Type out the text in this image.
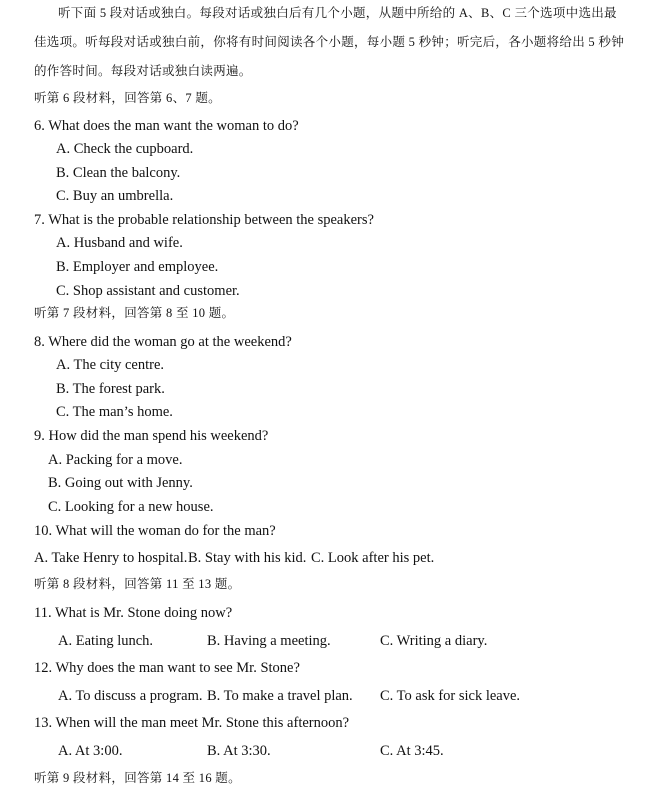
听下面 5 段对话或独白。每段对话或独白后有几个小题，从题中所给的 A、B、C 三个选项中选出最
佳选项。听每段对话或独白前，你将有时间阅读各个小题，每小题 5 秒钟；听完后，各小题将给出 5 秒钟
的作答时间。每段对话或独白读两遍。
听第 6 段材料，回答第 6、7 题。
6. What does the man want the woman to do?
A. Check the cupboard.
B. Clean the balcony.
C. Buy an umbrella.
7. What is the probable relationship between the speakers?
A. Husband and wife.
B. Employer and employee.
C. Shop assistant and customer.
听第 7 段材料，回答第 8 至 10 题。
8. Where did the woman go at the weekend?
A. The city centre.
B. The forest park.
C. The man’s home.
9. How did the man spend his weekend?
A. Packing for a move.
B. Going out with Jenny.
C. Looking for a new house.
10. What will the woman do for the man?
A. Take Henry to hospital. B. Stay with his kid. C. Look after his pet.
听第 8 段材料，回答第 11 至 13 题。
11. What is Mr. Stone doing now?
A. Eating lunch.	B. Having a meeting.	C. Writing a diary.
12. Why does the man want to see Mr. Stone?
A. To discuss a program. B. To make a travel plan. C. To ask for sick leave.
13. When will the man meet Mr. Stone this afternoon?
A. At 3:00.	B. At 3:30.	C. At 3:45.
听第 9 段材料，回答第 14 至 16 题。
